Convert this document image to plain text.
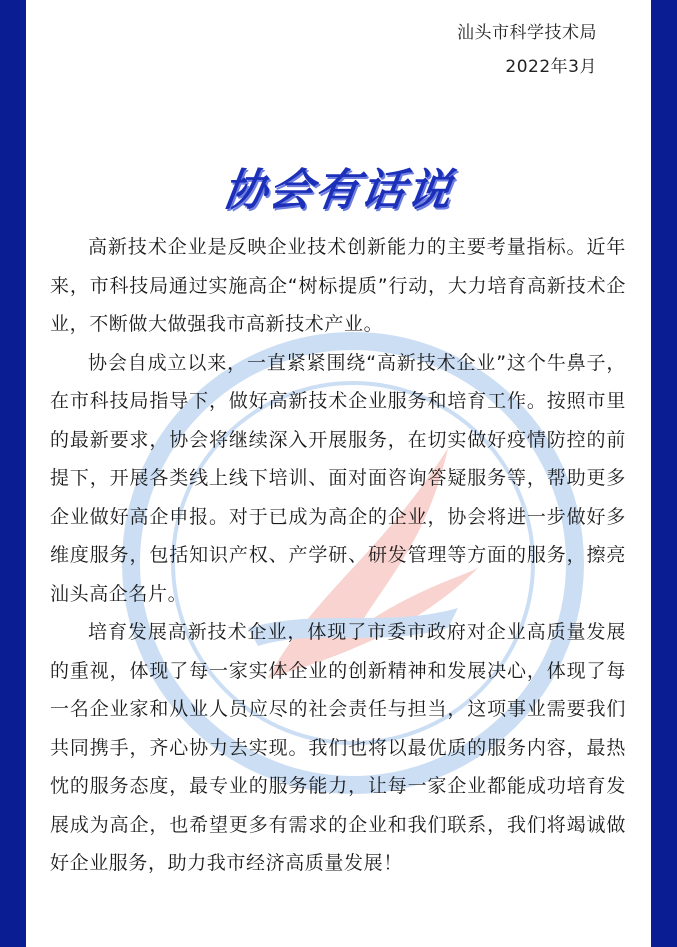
汕头市科学技术局
2022年3月
协会有话说

高新技术企业是反映企业技术创新能力的主要考量指标。近年来，市科技局通过实施高企“树标提质”行动，大力培育高新技术企业，不断做大做强我市高新技术产业。

协会自成立以来，一直紧紧围绕“高新技术企业”这个牛鼻子，在市科技局指导下，做好高新技术企业服务和培育工作。按照市里的最新要求，协会将继续深入开展服务，在切实做好疫情防控的前提下，开展各类线上线下培训、面对面咨询答疑服务等，帮助更多企业做好高企申报。对于已成为高企的企业，协会将进一步做好多维度服务，包括知识产权、产学研、研发管理等方面的服务，擦亮汕头高企名片。

培育发展高新技术企业，体现了市委市政府对企业高质量发展的重视，体现了每一家实体企业的创新精神和发展决心，体现了每一名企业家和从业人员应尽的社会责任与担当，这项事业需要我们共同携手，齐心协力去实现。我们也将以最优质的服务内容，最热忱的服务态度，最专业的服务能力，让每一家企业都能成功培育发展成为高企，也希望更多有需求的企业和我们联系，我们将竭诚做好企业服务，助力我市经济高质量发展！
